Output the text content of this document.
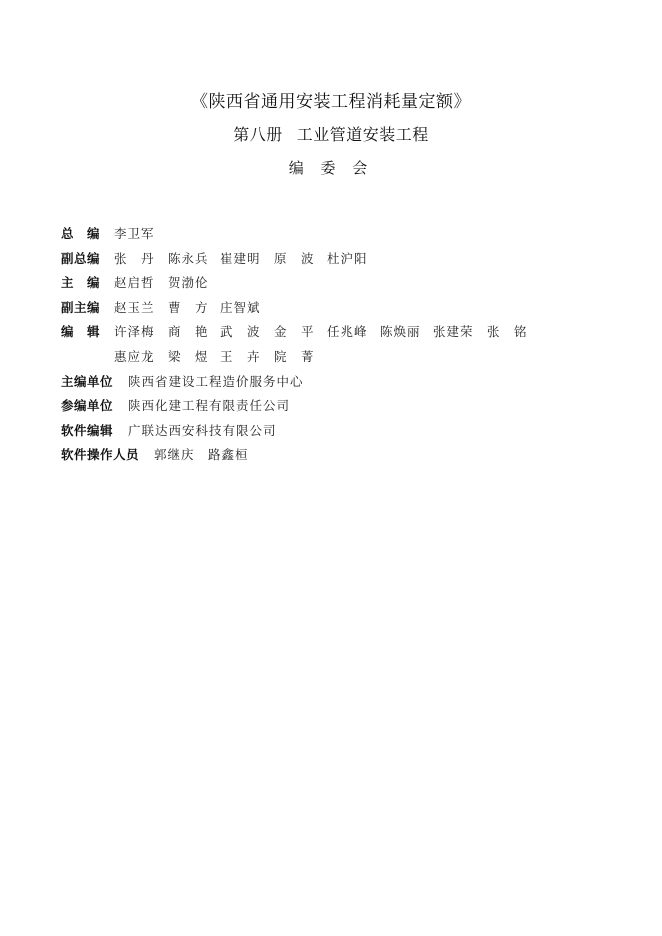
《陕西省通用安装工程消耗量定额》
第八册 工业管道安装工程
编 委 会
总　编 李卫军
副总编 张　丹 陈永兵 崔建明 原　波 杜沪阳
主　编 赵启哲 贺渤伦
副主编 赵玉兰 曹　方 庄智斌
编　辑 许泽梅 商　艳 武　波 金　平 任兆峰 陈焕丽 张建荣 张　铭
惠应龙 梁　煜 王　卉 院　菁
主编单位 陕西省建设工程造价服务中心
参编单位 陕西化建工程有限责任公司
软件编辑 广联达西安科技有限公司
软件操作人员 郭继庆 路鑫桓
